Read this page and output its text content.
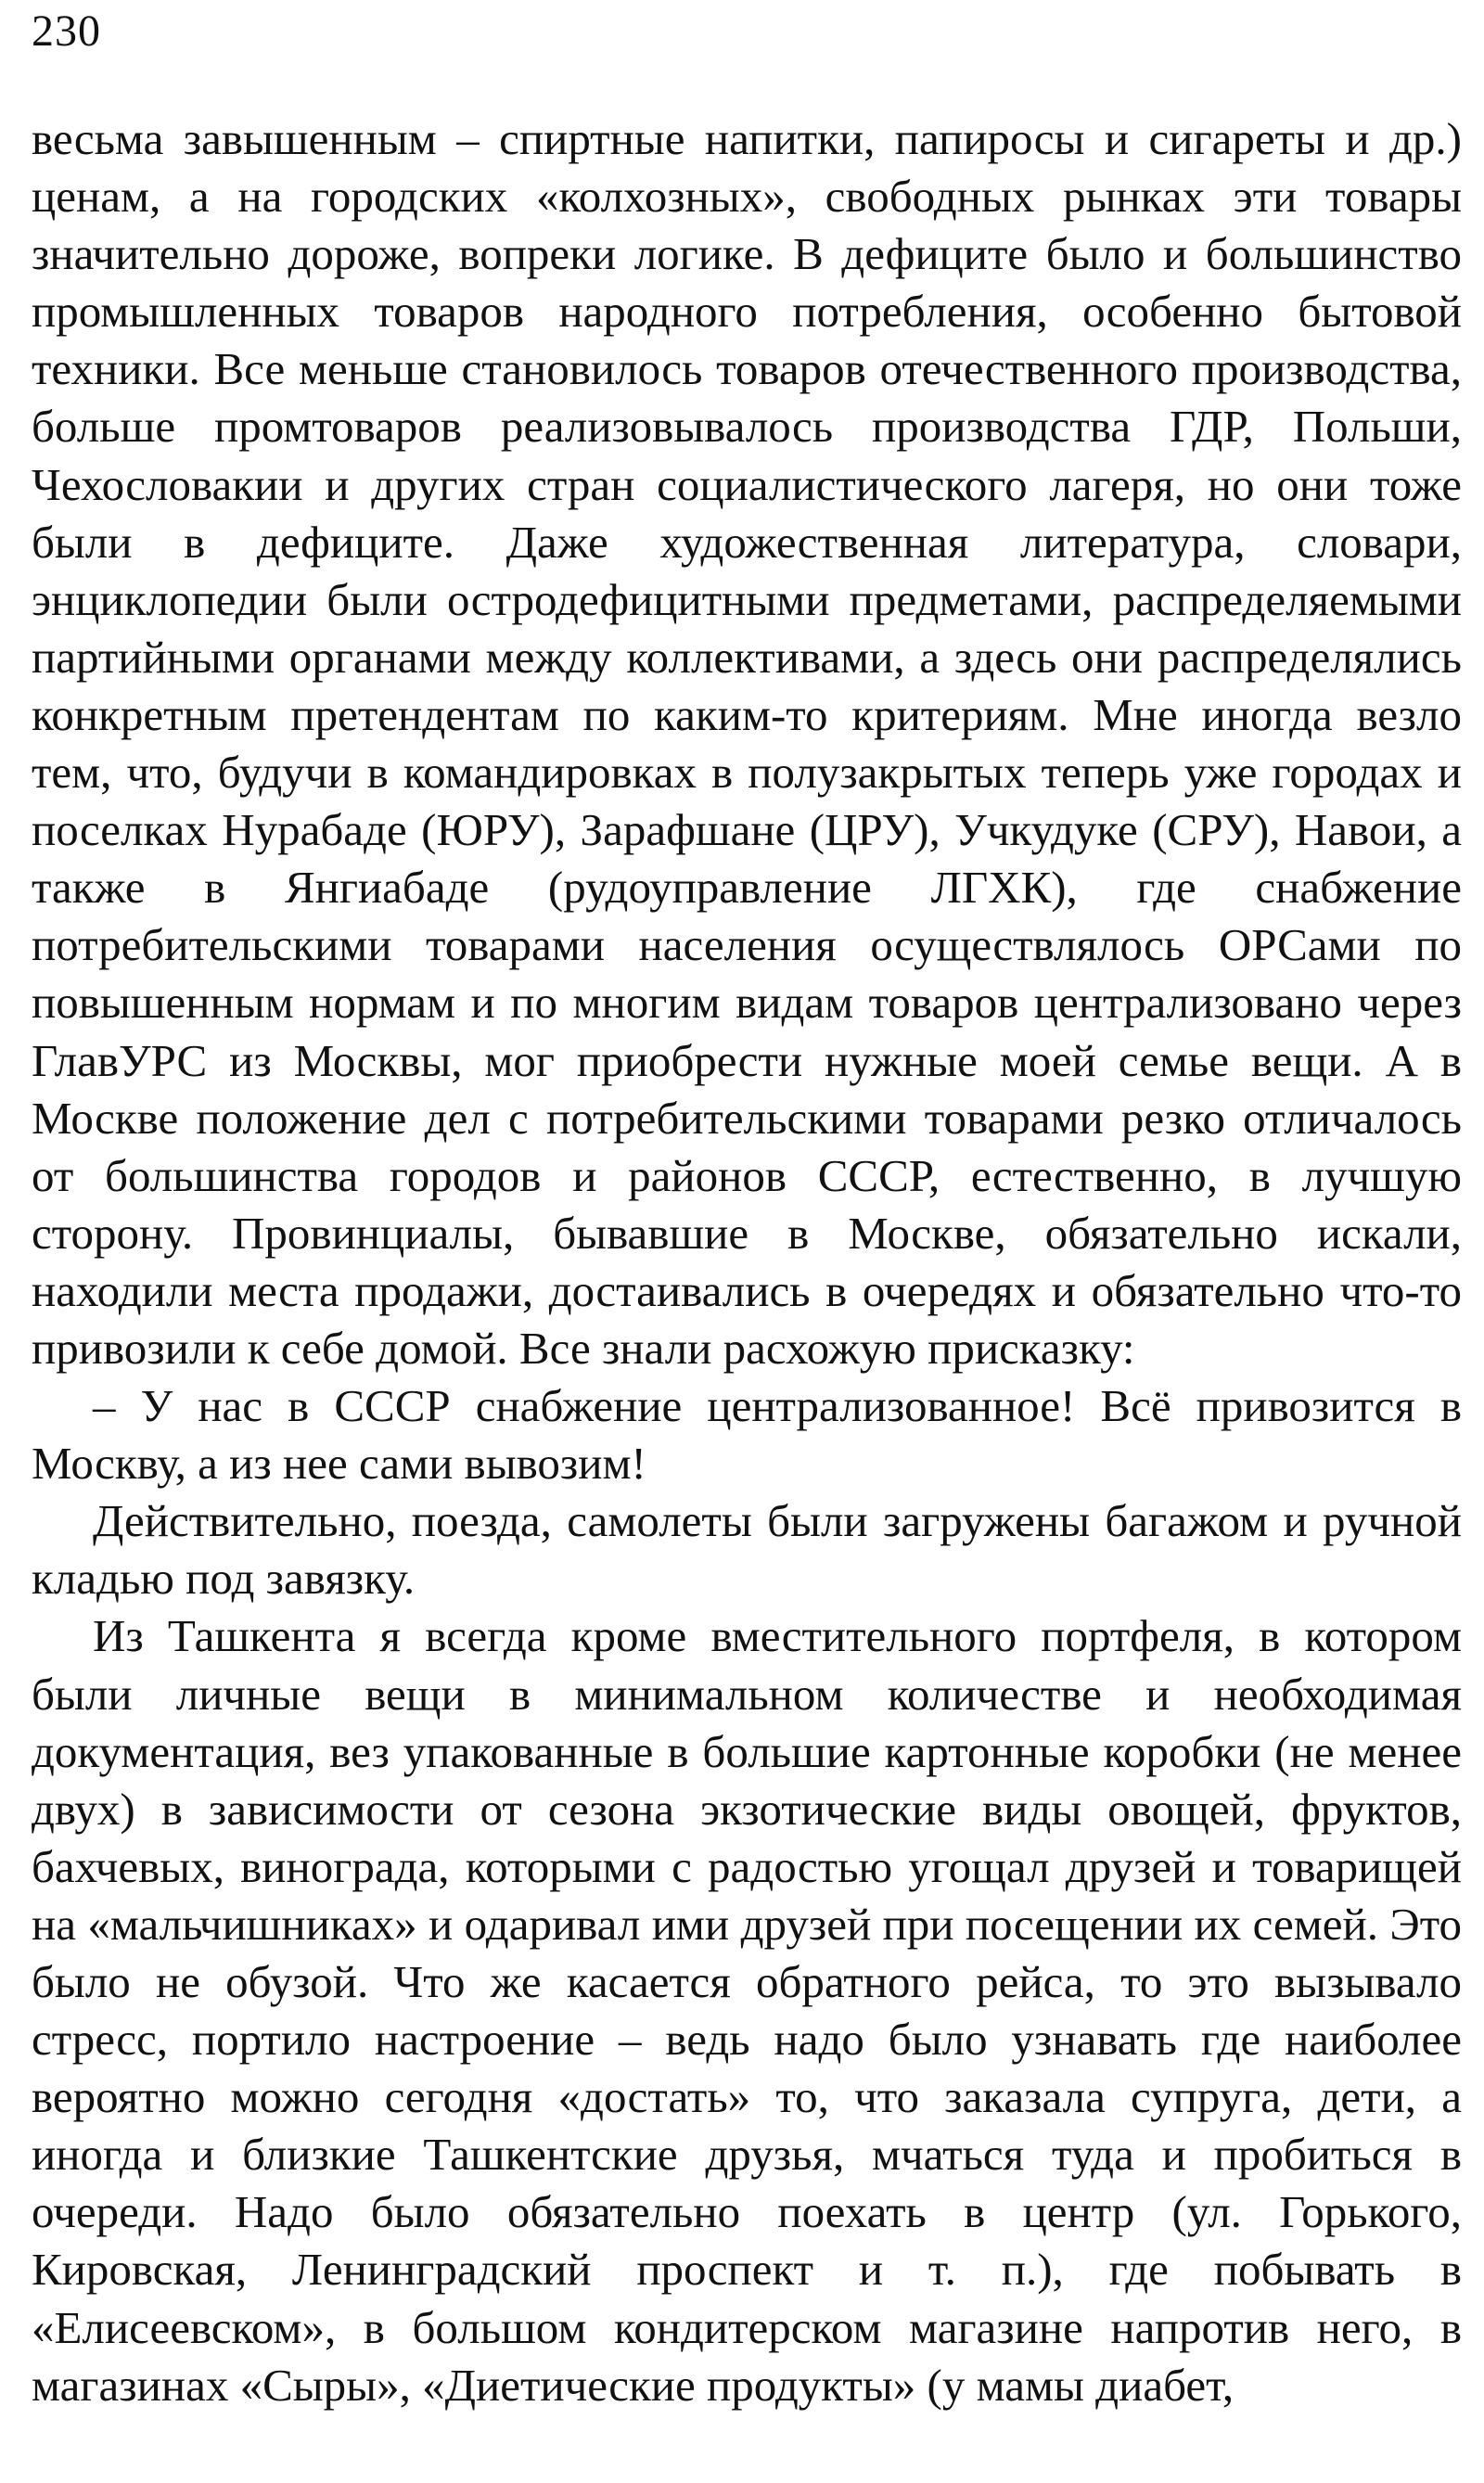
230

весьма завышенным – спиртные напитки, папиросы и сигареты и др.) ценам, а на городских «колхозных», свободных рынках эти товары значительно дороже, вопреки логике. В дефиците было и большинство промышленных товаров народного потребления, особенно бытовой техники. Все меньше становилось товаров отечественного производства, больше промтоваров реализовывалось производства ГДР, Польши, Чехословакии и других стран социалистического лагеря, но они тоже были в дефиците. Даже художественная литература, словари, энциклопедии были остродефицитными предметами, распределяемыми партийными органами между коллективами, а здесь они распределялись конкретным претендентам по каким-то критериям. Мне иногда везло тем, что, будучи в командировках в полузакрытых теперь уже городах и поселках Нурабаде (ЮРУ), Зарафшане (ЦРУ), Учкудуке (СРУ), Навои, а также в Янгиабаде (рудоуправление ЛГХК), где снабжение потребительскими товарами населения осуществлялось ОРСами по повышенным нормам и по многим видам товаров централизовано через ГлавУРС из Москвы, мог приобрести нужные моей семье вещи. А в Москве положение дел с потребительскими товарами резко отличалось от большинства городов и районов СССР, естественно, в лучшую сторону. Провинциалы, бывавшие в Москве, обязательно искали, находили места продажи, достаивались в очередях и обязательно что-то привозили к себе домой. Все знали расхожую присказку:

– У нас в СССР снабжение централизованное! Всё привозится в Москву, а из нее сами вывозим!

Действительно, поезда, самолеты были загружены багажом и ручной кладью под завязку.

Из Ташкента я всегда кроме вместительного портфеля, в котором были личные вещи в минимальном количестве и необходимая документация, вез упакованные в большие картонные коробки (не менее двух) в зависимости от сезона экзотические виды овощей, фруктов, бахчевых, винограда, которыми с радостью угощал друзей и товарищей на «мальчишниках» и одаривал ими друзей при посещении их семей. Это было не обузой. Что же касается обратного рейса, то это вызывало стресс, портило настроение – ведь надо было узнавать где наиболее вероятно можно сегодня «достать» то, что заказала супруга, дети, а иногда и близкие Ташкентские друзья, мчаться туда и пробиться в очереди. Надо было обязательно поехать в центр (ул. Горького, Кировская, Ленинградский проспект и т. п.), где побывать в «Елисеевском», в большом кондитерском магазине напротив него, в магазинах «Сыры», «Диетические продукты» (у мамы диабет,
